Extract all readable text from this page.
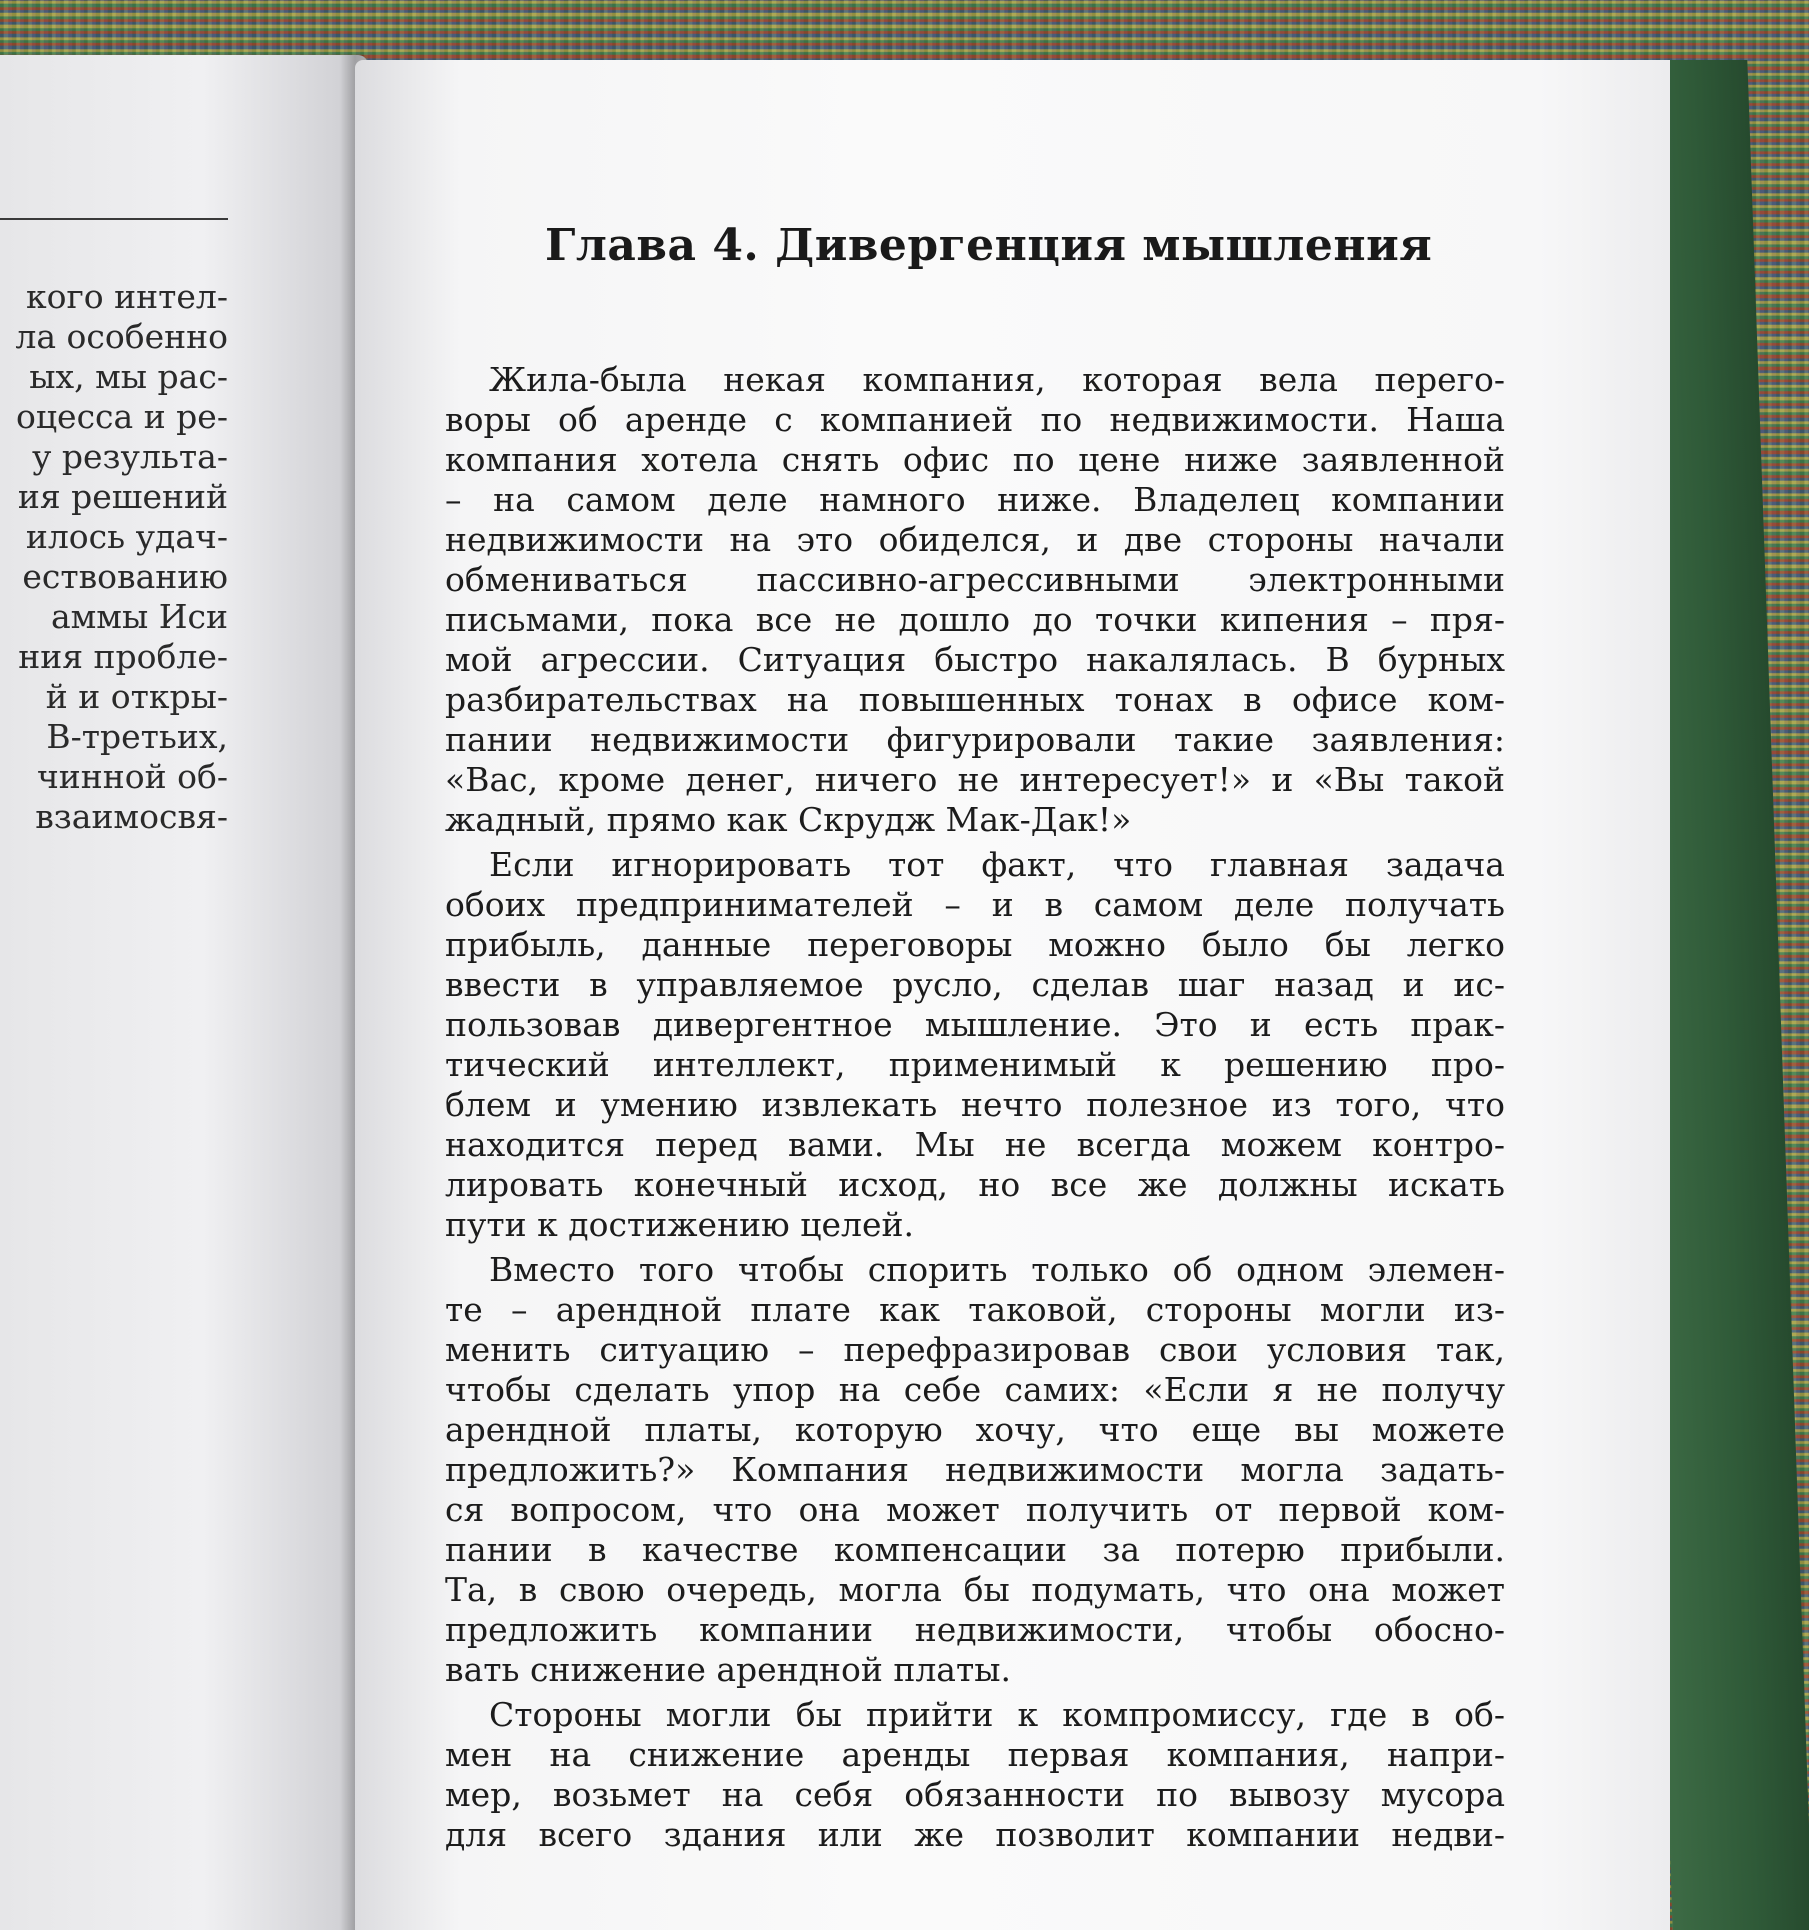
кого интел-
ла особенно
ых, мы рас-
оцесса и ре-
у результа-
ия решений
илось удач-
ествованию
аммы Иси
ния пробле-
й и откры-
В-третьих,
чинной об-
взаимосвя-
Глава 4. Дивергенция мышления
Жила-была некая компания, которая вела перего-
воры об аренде с компанией по недвижимости. Наша
компания хотела снять офис по цене ниже заявленной
– на самом деле намного ниже. Владелец компании
недвижимости на это обиделся, и две стороны начали
обмениваться пассивно-агрессивными электронными
письмами, пока все не дошло до точки кипения – пря-
мой агрессии. Ситуация быстро накалялась. В бурных
разбирательствах на повышенных тонах в офисе ком-
пании недвижимости фигурировали такие заявления:
«Вас, кроме денег, ничего не интересует!» и «Вы такой
жадный, прямо как Скрудж Мак-Дак!»
Если игнорировать тот факт, что главная задача
обоих предпринимателей – и в самом деле получать
прибыль, данные переговоры можно было бы легко
ввести в управляемое русло, сделав шаг назад и ис-
пользовав дивергентное мышление. Это и есть прак-
тический интеллект, применимый к решению про-
блем и умению извлекать нечто полезное из того, что
находится перед вами. Мы не всегда можем контро-
лировать конечный исход, но все же должны искать
пути к достижению целей.
Вместо того чтобы спорить только об одном элемен-
те – арендной плате как таковой, стороны могли из-
менить ситуацию – перефразировав свои условия так,
чтобы сделать упор на себе самих: «Если я не получу
арендной платы, которую хочу, что еще вы можете
предложить?» Компания недвижимости могла задать-
ся вопросом, что она может получить от первой ком-
пании в качестве компенсации за потерю прибыли.
Та, в свою очередь, могла бы подумать, что она может
предложить компании недвижимости, чтобы обосно-
вать снижение арендной платы.
Стороны могли бы прийти к компромиссу, где в об-
мен на снижение аренды первая компания, напри-
мер, возьмет на себя обязанности по вывозу мусора
для всего здания или же позволит компании недви-
